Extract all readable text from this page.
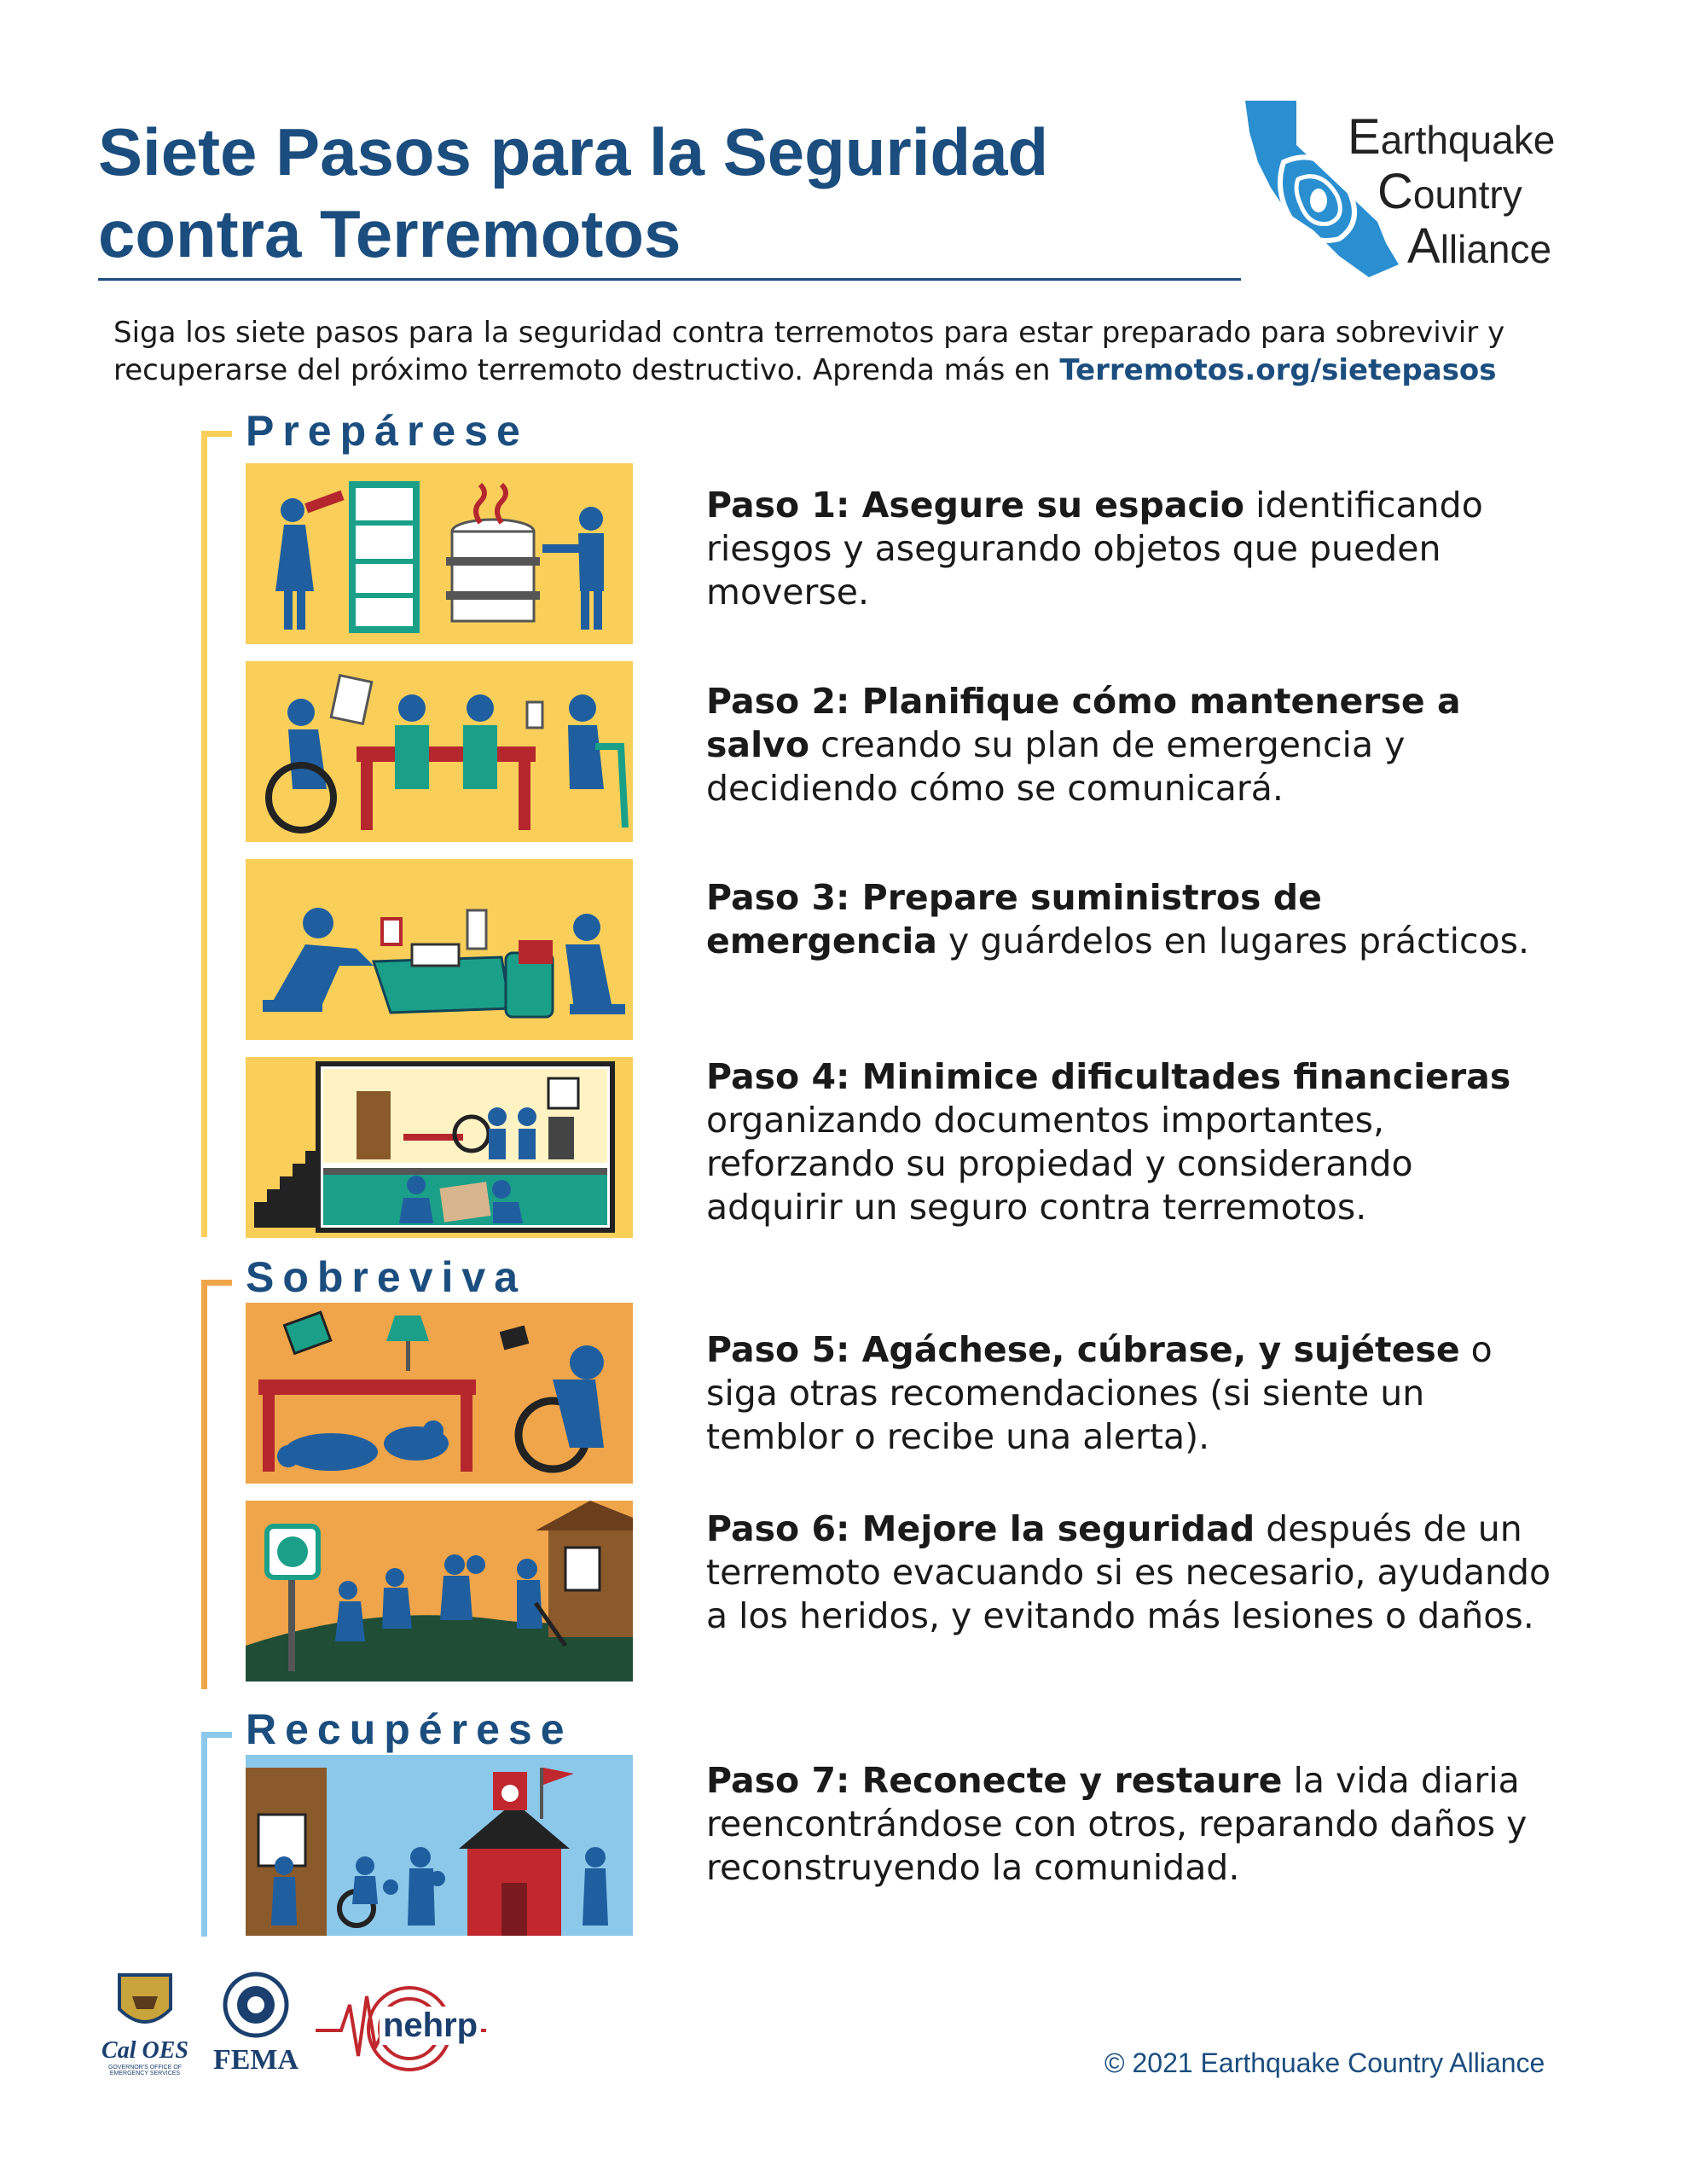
Siete Pasos para la Seguridad
contra Terremotos
Earthquake
Country
Alliance
Siga los siete pasos para la seguridad contra terremotos para estar preparado para sobrevivir y recuperarse del próximo terremoto destructivo. Aprenda más en Terremotos.org/sietepasos
Prepárese
Sobreviva
Recupérese
Paso 1: Asegure su espacio identificando riesgos y asegurando objetos que pueden moverse.
Paso 2: Planifique cómo mantenerse a salvo creando su plan de emergencia y decidiendo cómo se comunicará.
Paso 3: Prepare suministros de emergencia y guárdelos en lugares prácticos.
Paso 4: Minimice dificultades financieras organizando documentos importantes, reforzando su propiedad y considerando adquirir un seguro contra terremotos.
Paso 5: Agáchese, cúbrase, y sujétese o siga otras recomendaciones (si siente un temblor o recibe una alerta).
Paso 6: Mejore la seguridad después de un terremoto evacuando si es necesario, ayudando a los heridos, y evitando más lesiones o daños.
Paso 7: Reconecte y restaure la vida diaria reencontrándose con otros, reparando daños y reconstruyendo la comunidad.
Cal OES
GOVERNOR'S OFFICE OF EMERGENCY SERVICES	FEMA
nehrp
© 2021 Earthquake Country Alliance
